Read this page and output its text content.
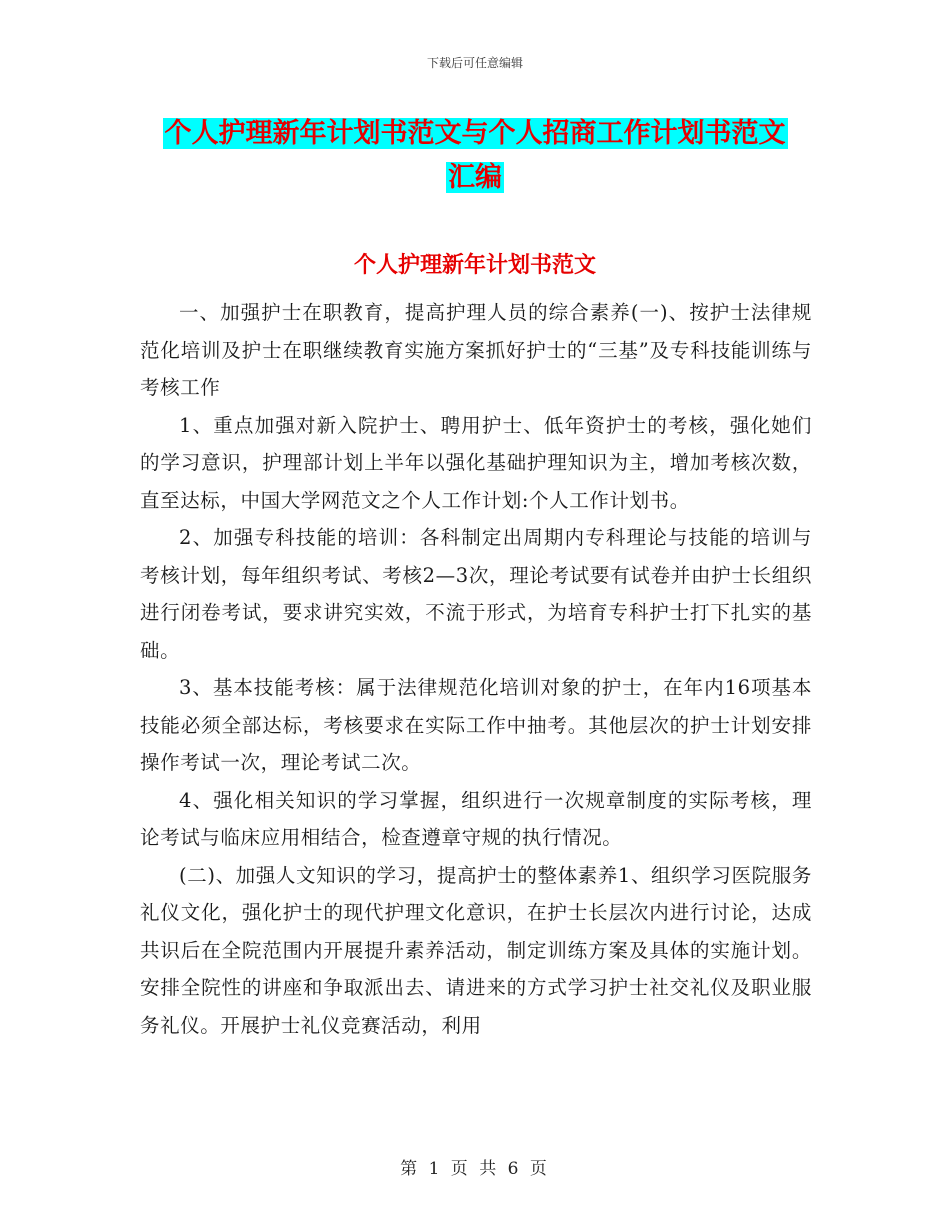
下载后可任意编辑
个人护理新年计划书范文与个人招商工作计划书范文
汇编
个人护理新年计划书范文

一、加强护士在职教育，提高护理人员的综合素养(一)、按护士法律规范化培训及护士在职继续教育实施方案抓好护士的“三基”及专科技能训练与考核工作

1、重点加强对新入院护士、聘用护士、低年资护士的考核，强化她们的学习意识，护理部计划上半年以强化基础护理知识为主，增加考核次数，直至达标，中国大学网范文之个人工作计划:个人工作计划书。

2、加强专科技能的培训：各科制定出周期内专科理论与技能的培训与考核计划，每年组织考试、考核2—3次，理论考试要有试卷并由护士长组织进行闭卷考试，要求讲究实效，不流于形式，为培育专科护士打下扎实的基础。

3、基本技能考核：属于法律规范化培训对象的护士，在年内16项基本技能必须全部达标，考核要求在实际工作中抽考。其他层次的护士计划安排操作考试一次，理论考试二次。

4、强化相关知识的学习掌握，组织进行一次规章制度的实际考核，理论考试与临床应用相结合，检查遵章守规的执行情况。

(二)、加强人文知识的学习，提高护士的整体素养1、组织学习医院服务礼仪文化，强化护士的现代护理文化意识，在护士长层次内进行讨论，达成共识后在全院范围内开展提升素养活动，制定训练方案及具体的实施计划。安排全院性的讲座和争取派出去、请进来的方式学习护士社交礼仪及职业服务礼仪。开展护士礼仪竞赛活动，利用

第 1 页 共 6 页
